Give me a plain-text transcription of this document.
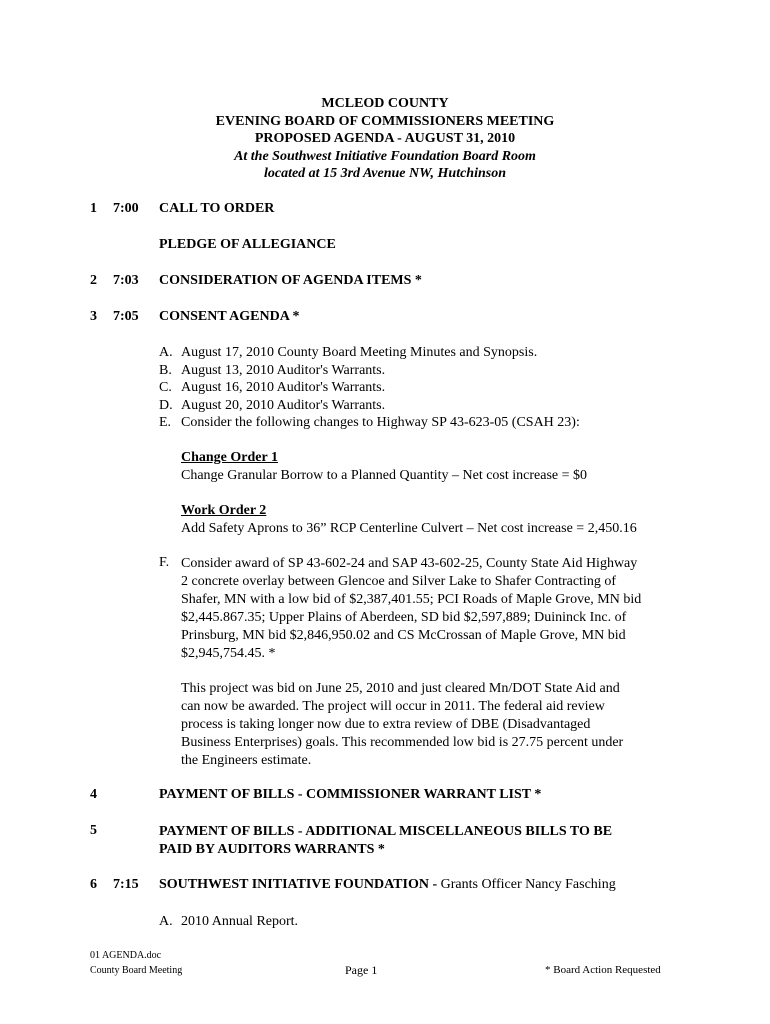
MCLEOD COUNTY
EVENING BOARD OF COMMISSIONERS MEETING
PROPOSED AGENDA - AUGUST 31, 2010
At the Southwest Initiative Foundation Board Room
located at 15 3rd Avenue NW, Hutchinson
1 7:00 CALL TO ORDER
PLEDGE OF ALLEGIANCE
2 7:03 CONSIDERATION OF AGENDA ITEMS *
3 7:05 CONSENT AGENDA *
A. August 17, 2010 County Board Meeting Minutes and Synopsis.
B. August 13, 2010 Auditor's Warrants.
C. August 16, 2010 Auditor's Warrants.
D. August 20, 2010 Auditor's Warrants.
E. Consider the following changes to Highway SP 43-623-05 (CSAH 23):
Change Order 1
Change Granular Borrow to a Planned Quantity – Net cost increase = $0
Work Order 2
Add Safety Aprons to 36” RCP Centerline Culvert – Net cost increase = 2,450.16
F. Consider award of SP 43-602-24 and SAP 43-602-25, County State Aid Highway
2 concrete overlay between Glencoe and Silver Lake to Shafer Contracting of
Shafer, MN with a low bid of $2,387,401.55; PCI Roads of Maple Grove, MN bid
$2,445.867.35; Upper Plains of Aberdeen, SD bid $2,597,889; Duininck Inc. of
Prinsburg, MN bid $2,846,950.02 and CS McCrossan of Maple Grove, MN bid
$2,945,754.45. *
This project was bid on June 25, 2010 and just cleared Mn/DOT State Aid and
can now be awarded. The project will occur in 2011. The federal aid review
process is taking longer now due to extra review of DBE (Disadvantaged
Business Enterprises) goals. This recommended low bid is 27.75 percent under
the Engineers estimate.
4	PAYMENT OF BILLS - COMMISSIONER WARRANT LIST *
5	PAYMENT OF BILLS - ADDITIONAL MISCELLANEOUS BILLS TO BE
PAID BY AUDITORS WARRANTS *
6 7:15 SOUTHWEST INITIATIVE FOUNDATION - Grants Officer Nancy Fasching
A. 2010 Annual Report.
01 AGENDA.doc
County Board Meeting	Page 1	* Board Action Requested
